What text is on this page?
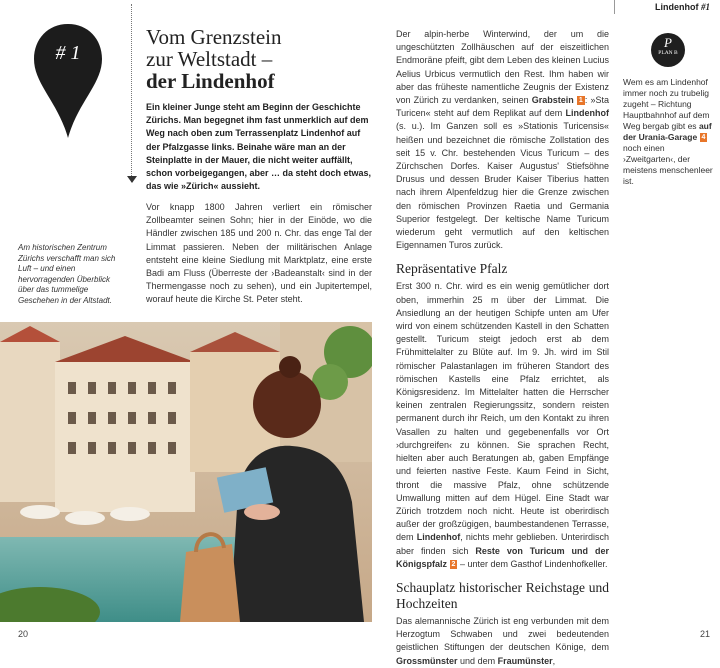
Lindenhof #1
# 1
Vom Grenzstein
zur Weltstadt –
der Lindenhof
Ein kleiner Junge steht am Beginn der Geschichte Zürichs. Man begegnet ihm fast unmerklich auf dem Weg nach oben zum Terrassenplatz Lindenhof auf der Pfalzgasse links. Beinahe wäre man an der Steinplatte in der Mauer, die nicht weiter auffällt, schon vorbeigegangen, aber … da steht doch etwas, das wie »Zürich« aussieht.
Vor knapp 1800 Jahren verliert ein römischer Zollbeamter seinen Sohn; hier in der Einöde, wo die Händler zwischen 185 und 200 n. Chr. das enge Tal der Limmat passieren. Neben der militärischen Anlage entsteht eine kleine Siedlung mit Marktplatz, eine erste Badi am Fluss (Überreste der ›Badeanstalt‹ sind in der Thermengasse noch zu sehen), und ein Jupitertempel, worauf heute die Kirche St. Peter steht.
Am historischen Zentrum Zürichs verschafft man sich Luft – und einen hervorragenden Überblick über das tummelige Geschehen in der Altstadt.
Der alpin-herbe Winterwind, der um die ungeschützten Zollhäuschen auf der eiszeitlichen Endmoräne pfeift, gibt dem Leben des kleinen Lucius Aelius Urbicus vermutlich den Rest. Ihm haben wir aber das früheste namentliche Zeugnis der Existenz von Zürich zu verdanken, seinen Grabstein 1 : »Sta Turicen« steht auf dem Replikat auf dem Lindenhof (s. u.). Im Ganzen soll es »Stationis Turicensis« heißen und bezeichnet die römische Zollstation des seit 15 v. Chr. bestehenden Vicus Turicum – des Zürchschen Dorfes. Kaiser Augustus' Stiefsöhne Drusus und dessen Bruder Kaiser Tiberius hatten nach ihrem Alpenfeldzug hier die Grenze zwischen den römischen Provinzen Raetia und Germania Superior festgelegt. Der keltische Name Turicum wiederum geht vermutlich auf den keltischen Eigennamen Turos zurück.
Repräsentative Pfalz
Erst 300 n. Chr. wird es ein wenig gemütlicher dort oben, immerhin 25 m über der Limmat. Die Ansiedlung an der heutigen Schipfe unten am Ufer wird von einem schützenden Kastell in den Schatten gestellt. Turicum steigt jedoch erst ab dem Frühmittelalter zu Blüte auf. Im 9. Jh. wird im Stil römischer Palastanlagen im früheren Standort des römischen Kastells eine Pfalz errichtet, als Königsresidenz. Im Mittelalter hatten die Herrscher keinen zentralen Regierungssitz, sondern reisten permanent durch ihr Reich, um den Kontakt zu ihren Vasallen zu halten und gegebenenfalls vor Ort ›durchgreifen‹ zu können. Sie sprachen Recht, hielten aber auch Beratungen ab, gaben Empfänge und feierten nastive Feste. Kaum Feind in Sicht, thront die massive Pfalz, ohne schützende Umwallung mitten auf dem Hügel. Eine Stadt war Zürich trotzdem noch nicht. Heute ist oberirdisch außer der großzügigen, baumbestandenen Terrasse, dem Lindenhof, nichts mehr geblieben. Unterirdisch aber finden sich Reste von Turicum und der Königspfalz 2 – unter dem Gasthof Lindenhofkeller.
Schauplatz historischer Reichstage und Hochzeiten
Das alemannische Zürich ist eng verbunden mit dem Herzogtum Schwaben und zwei bedeutenden geistlichen Stiftungen der deutschen Könige, dem Grossmünster und dem Fraumünster,
P
PLAN B
Wem es am Lindenhof immer noch zu trubelig zugeht – Richtung Hauptbahnhof auf dem Weg bergab gibt es auf der Urania-Garage 4 noch einen ›Zweitgarten‹, der meistens menschenleer ist.
20	21
